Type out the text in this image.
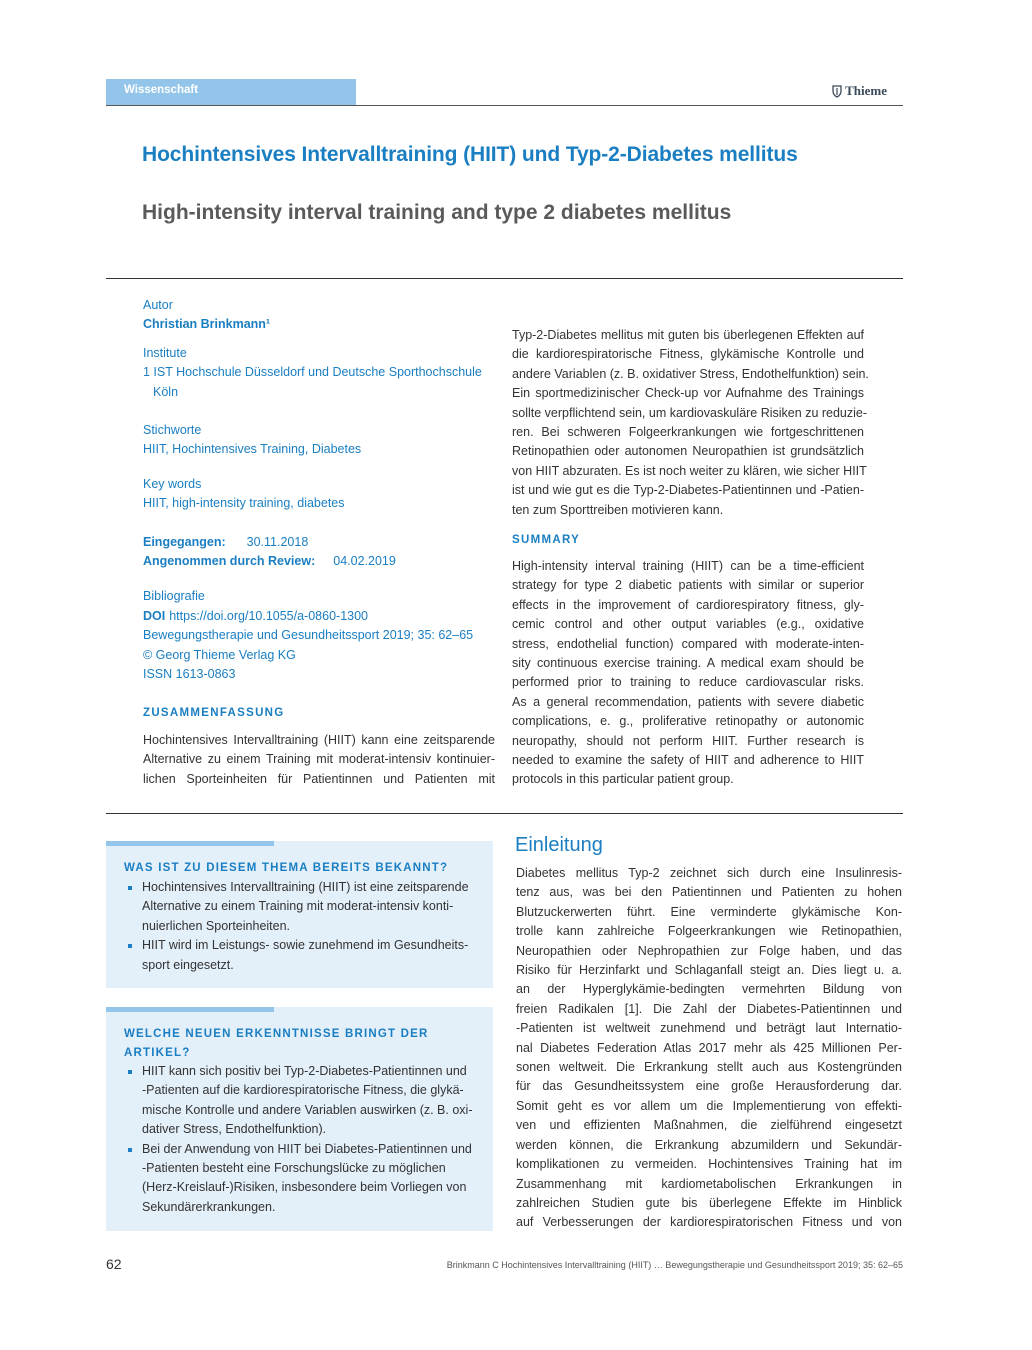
Wissenschaft	Thieme
Hochintensives Intervalltraining (HIIT) und Typ-2-Diabetes mellitus
High-intensity interval training and type 2 diabetes mellitus
Autor
Christian Brinkmann¹
Institute
1 IST Hochschule Düsseldorf und Deutsche Sporthochschule
Köln
Stichworte
HIIT, Hochintensives Training, Diabetes
Key words
HIIT, high-intensity training, diabetes
Eingegangen: 30.11.2018
Angenommen durch Review: 04.02.2019
Bibliografie
DOI https://doi.org/10.1055/a-0860-1300
Bewegungstherapie und Gesundheitssport 2019; 35: 62–65
© Georg Thieme Verlag KG
ISSN 1613-0863
ZUSAMMENFASSUNG
Hochintensives Intervalltraining (HIIT) kann eine zeitsparende
Alternative zu einem Training mit moderat-intensiv kontinuier-
lichen Sporteinheiten für Patientinnen und Patienten mit
Typ-2-Diabetes mellitus mit guten bis überlegenen Effekten auf
die kardiorespiratorische Fitness, glykämische Kontrolle und
andere Variablen (z. B. oxidativer Stress, Endothelfunktion) sein.
Ein sportmedizinischer Check-up vor Aufnahme des Trainings
sollte verpflichtend sein, um kardiovaskuläre Risiken zu reduzie-
ren. Bei schweren Folgeerkrankungen wie fortgeschrittenen
Retinopathien oder autonomen Neuropathien ist grundsätzlich
von HIIT abzuraten. Es ist noch weiter zu klären, wie sicher HIIT
ist und wie gut es die Typ-2-Diabetes-Patientinnen und -Patien-
ten zum Sporttreiben motivieren kann.
SUMMARY
High-intensity interval training (HIIT) can be a time-efficient
strategy for type 2 diabetic patients with similar or superior
effects in the improvement of cardiorespiratory fitness, gly-
cemic control and other output variables (e.g., oxidative
stress, endothelial function) compared with moderate-inten-
sity continuous exercise training. A medical exam should be
performed prior to training to reduce cardiovascular risks.
As a general recommendation, patients with severe diabetic
complications, e. g., proliferative retinopathy or autonomic
neuropathy, should not perform HIIT. Further research is
needed to examine the safety of HIIT and adherence to HIIT
protocols in this particular patient group.
WAS IST ZU DIESEM THEMA BEREITS BEKANNT?
Hochintensives Intervalltraining (HIIT) ist eine zeitsparende
Alternative zu einem Training mit moderat-intensiv konti-
nuierlichen Sporteinheiten.
HIIT wird im Leistungs- sowie zunehmend im Gesundheits-
sport eingesetzt.
WELCHE NEUEN ERKENNTNISSE BRINGT DER
ARTIKEL?
HIIT kann sich positiv bei Typ-2-Diabetes-Patientinnen und
-Patienten auf die kardiorespiratorische Fitness, die glykä-
mische Kontrolle und andere Variablen auswirken (z. B. oxi-
dativer Stress, Endothelfunktion).
Bei der Anwendung von HIIT bei Diabetes-Patientinnen und
-Patienten besteht eine Forschungslücke zu möglichen
(Herz-Kreislauf-)Risiken, insbesondere beim Vorliegen von
Sekundärerkrankungen.
Einleitung
Diabetes mellitus Typ-2 zeichnet sich durch eine Insulinresis-
tenz aus, was bei den Patientinnen und Patienten zu hohen
Blutzuckerwerten führt. Eine verminderte glykämische Kon-
trolle kann zahlreiche Folgeerkrankungen wie Retinopathien,
Neuropathien oder Nephropathien zur Folge haben, und das
Risiko für Herzinfarkt und Schlaganfall steigt an. Dies liegt u. a.
an der Hyperglykämie-bedingten vermehrten Bildung von
freien Radikalen [1]. Die Zahl der Diabetes-Patientinnen und
-Patienten ist weltweit zunehmend und beträgt laut Internatio-
nal Diabetes Federation Atlas 2017 mehr als 425 Millionen Per-
sonen weltweit. Die Erkrankung stellt auch aus Kostengründen
für das Gesundheitssystem eine große Herausforderung dar.
Somit geht es vor allem um die Implementierung von effekti-
ven und effizienten Maßnahmen, die zielführend eingesetzt
werden können, die Erkrankung abzumildern und Sekundär-
komplikationen zu vermeiden. Hochintensives Training hat im
Zusammenhang mit kardiometabolischen Erkrankungen in
zahlreichen Studien gute bis überlegene Effekte im Hinblick
auf Verbesserungen der kardiorespiratorischen Fitness und von
62	Brinkmann C Hochintensives Intervalltraining (HIIT) … Bewegungstherapie und Gesundheitssport 2019; 35: 62–65
